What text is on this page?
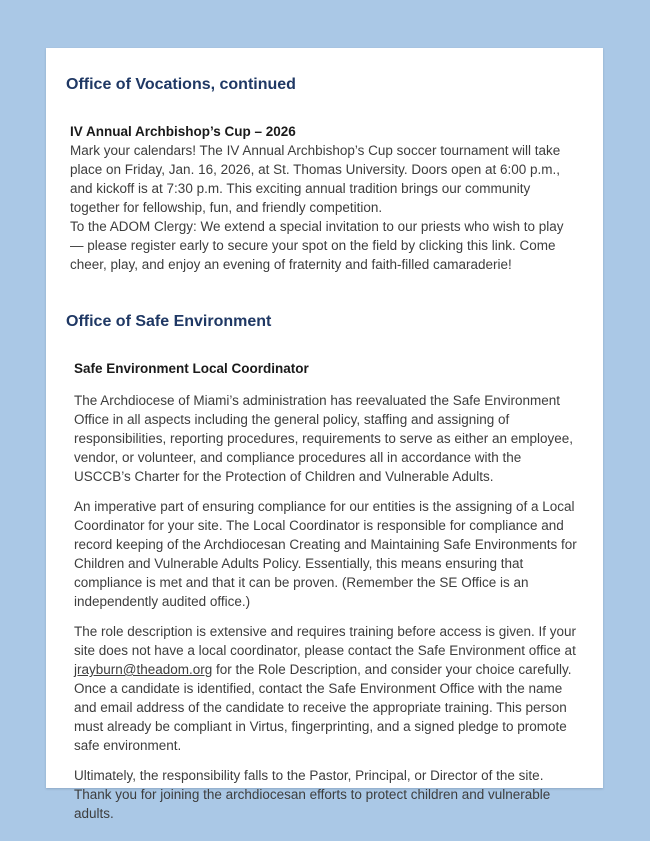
Office of Vocations, continued
IV Annual Archbishop’s Cup – 2026

Mark your calendars! The IV Annual Archbishop’s Cup soccer tournament will take place on Friday, Jan. 16, 2026, at St. Thomas University. Doors open at 6:00 p.m., and kickoff is at 7:30 p.m. This exciting annual tradition brings our community together for fellowship, fun, and friendly competition.

To the ADOM Clergy: We extend a special invitation to our priests who wish to play — please register early to secure your spot on the field by clicking this link. Come cheer, play, and enjoy an evening of fraternity and faith-filled camaraderie!

Office of Safe Environment
Safe Environment Local Coordinator

The Archdiocese of Miami’s administration has reevaluated the Safe Environment Office in all aspects including the general policy, staffing and assigning of responsibilities, reporting procedures, requirements to serve as either an employee, vendor, or volunteer, and compliance procedures all in accordance with the USCCB’s Charter for the Protection of Children and Vulnerable Adults.

An imperative part of ensuring compliance for our entities is the assigning of a Local Coordinator for your site. The Local Coordinator is responsible for compliance and record keeping of the Archdiocesan Creating and Maintaining Safe Environments for Children and Vulnerable Adults Policy. Essentially, this means ensuring that compliance is met and that it can be proven. (Remember the SE Office is an independently audited office.)

The role description is extensive and requires training before access is given. If your site does not have a local coordinator, please contact the Safe Environment office at jrayburn@theadom.org for the Role Description, and consider your choice carefully. Once a candidate is identified, contact the Safe Environment Office with the name and email address of the candidate to receive the appropriate training. This person must already be compliant in Virtus, fingerprinting, and a signed pledge to promote safe environment.

Ultimately, the responsibility falls to the Pastor, Principal, or Director of the site. Thank you for joining the archdiocesan efforts to protect children and vulnerable adults.
